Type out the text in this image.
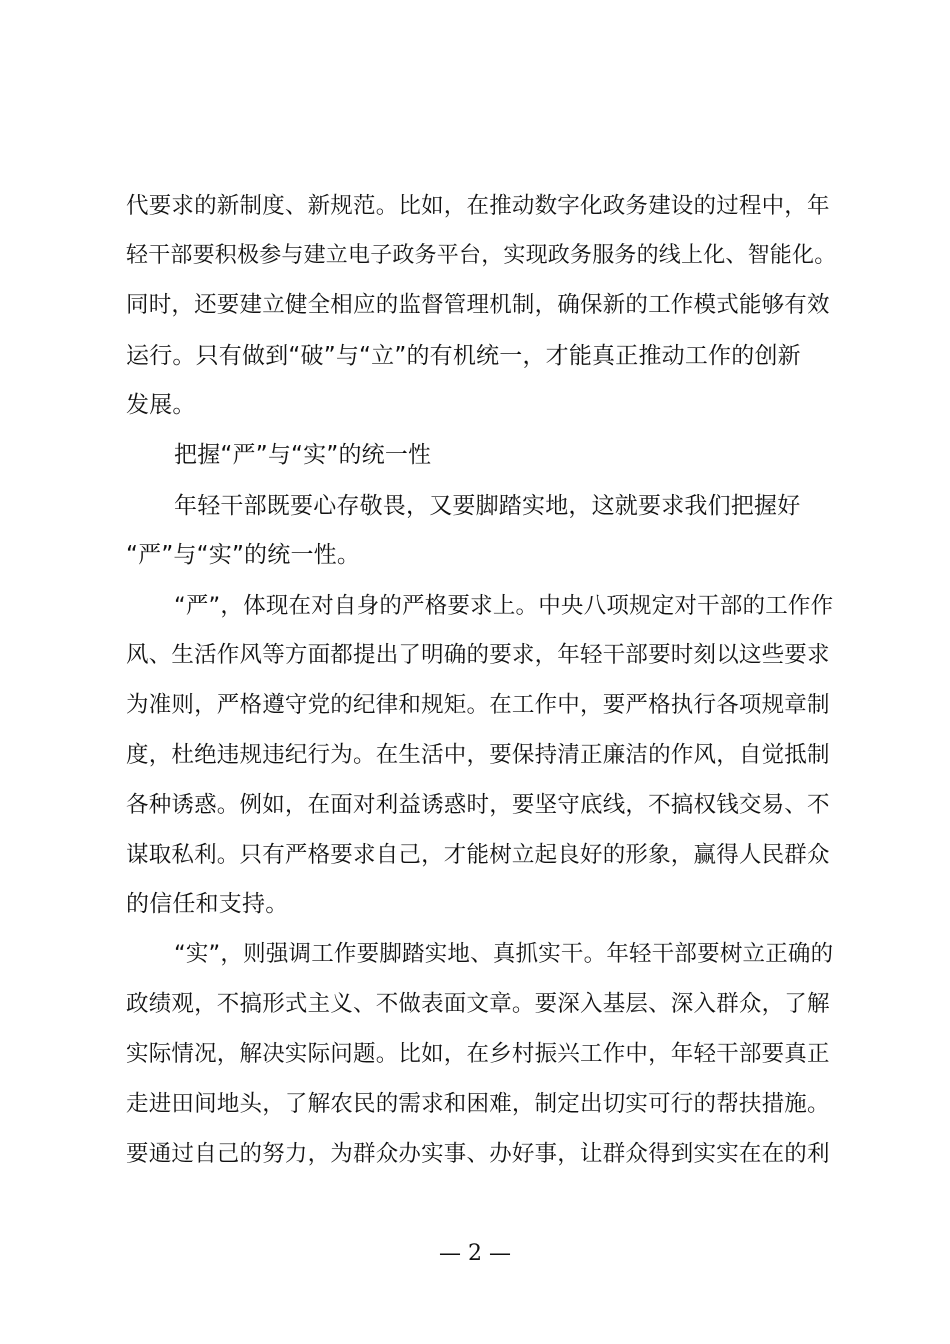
代要求的新制度、新规范。比如，在推动数字化政务建设的过程中，年
轻干部要积极参与建立电子政务平台，实现政务服务的线上化、智能化。
同时，还要建立健全相应的监督管理机制，确保新的工作模式能够有效
运行。只有做到“破”与“立”的有机统一，才能真正推动工作的创新
发展。
把握“严”与“实”的统一性
年轻干部既要心存敬畏，又要脚踏实地，这就要求我们把握好
“严”与“实”的统一性。
“严”，体现在对自身的严格要求上。中央八项规定对干部的工作作
风、生活作风等方面都提出了明确的要求，年轻干部要时刻以这些要求
为准则，严格遵守党的纪律和规矩。在工作中，要严格执行各项规章制
度，杜绝违规违纪行为。在生活中，要保持清正廉洁的作风，自觉抵制
各种诱惑。例如，在面对利益诱惑时，要坚守底线，不搞权钱交易、不
谋取私利。只有严格要求自己，才能树立起良好的形象，赢得人民群众
的信任和支持。
“实”，则强调工作要脚踏实地、真抓实干。年轻干部要树立正确的
政绩观，不搞形式主义、不做表面文章。要深入基层、深入群众，了解
实际情况，解决实际问题。比如，在乡村振兴工作中，年轻干部要真正
走进田间地头，了解农民的需求和困难，制定出切实可行的帮扶措施。
要通过自己的努力，为群众办实事、办好事，让群众得到实实在在的利
— 2 —
